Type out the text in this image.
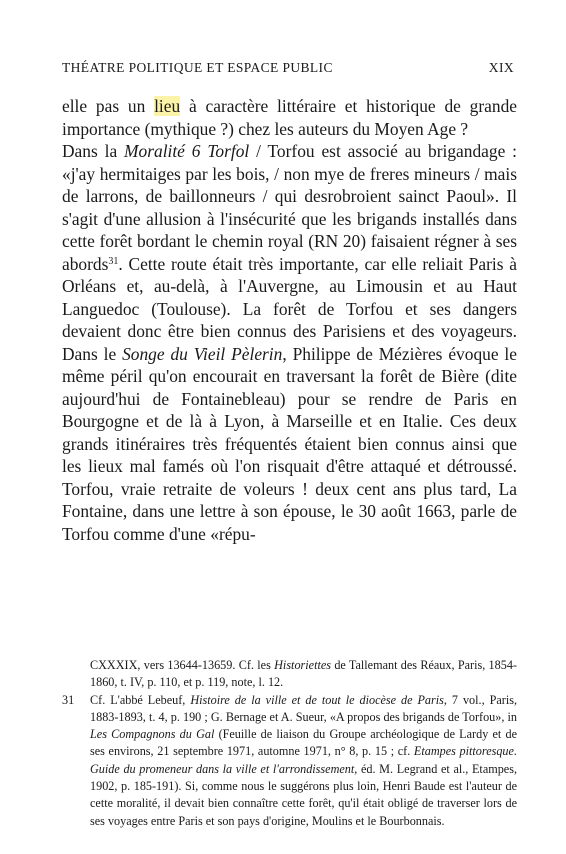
THÉATRE POLITIQUE ET ESPACE PUBLIC	XIX

elle pas un lieu à caractère littéraire et historique de grande importance (mythique ?) chez les auteurs du Moyen Age ?

Dans la Moralité 6 Torfol / Torfou est associé au brigandage : «j'ay hermitaiges par les bois, / non mye de freres mineurs / mais de larrons, de baillonneurs / qui desrobroient sainct Paoul». Il s'agit d'une allusion à l'insécurité que les brigands installés dans cette forêt bordant le chemin royal (RN 20) faisaient régner à ses abords$^{31}$. Cette route était très importante, car elle reliait Paris à Orléans et, au-delà, à l'Auvergne, au Limousin et au Haut Languedoc (Toulouse). La forêt de Torfou et ses dangers devaient donc être bien connus des Parisiens et des voyageurs. Dans le Songe du Vieil Pèlerin, Philippe de Mézières évoque le même péril qu'on encourait en traversant la forêt de Bière (dite aujourd'hui de Fontainebleau) pour se rendre de Paris en Bourgogne et de là à Lyon, à Marseille et en Italie. Ces deux grands itinéraires très fréquentés étaient bien connus ainsi que les lieux mal famés où l'on risquait d'être attaqué et détroussé. Torfou, vraie retraite de voleurs ! deux cent ans plus tard, La Fontaine, dans une lettre à son épouse, le 30 août 1663, parle de Torfou comme d'une «répu-

CXXXIX, vers 13644-13659. Cf. les Historiettes de Tallemant des Réaux, Paris, 1854-1860, t. IV, p. 110, et p. 119, note, l. 12.
31	Cf. L'abbé Lebeuf, Histoire de la ville et de tout le diocèse de Paris, 7 vol., Paris, 1883-1893, t. 4, p. 190 ; G. Bernage et A. Sueur, «A propos des brigands de Torfou», in Les Compagnons du Gal (Feuille de liaison du Groupe archéologique de Lardy et de ses environs, 21 septembre 1971, automne 1971, n° 8, p. 15 ; cf. Etampes pittoresque. Guide du promeneur dans la ville et l'arrondissement, éd. M. Legrand et al., Etampes, 1902, p. 185-191). Si, comme nous le suggérons plus loin, Henri Baude est l'auteur de cette moralité, il devait bien connaître cette forêt, qu'il était obligé de traverser lors de ses voyages entre Paris et son pays d'origine, Moulins et le Bourbonnais.
